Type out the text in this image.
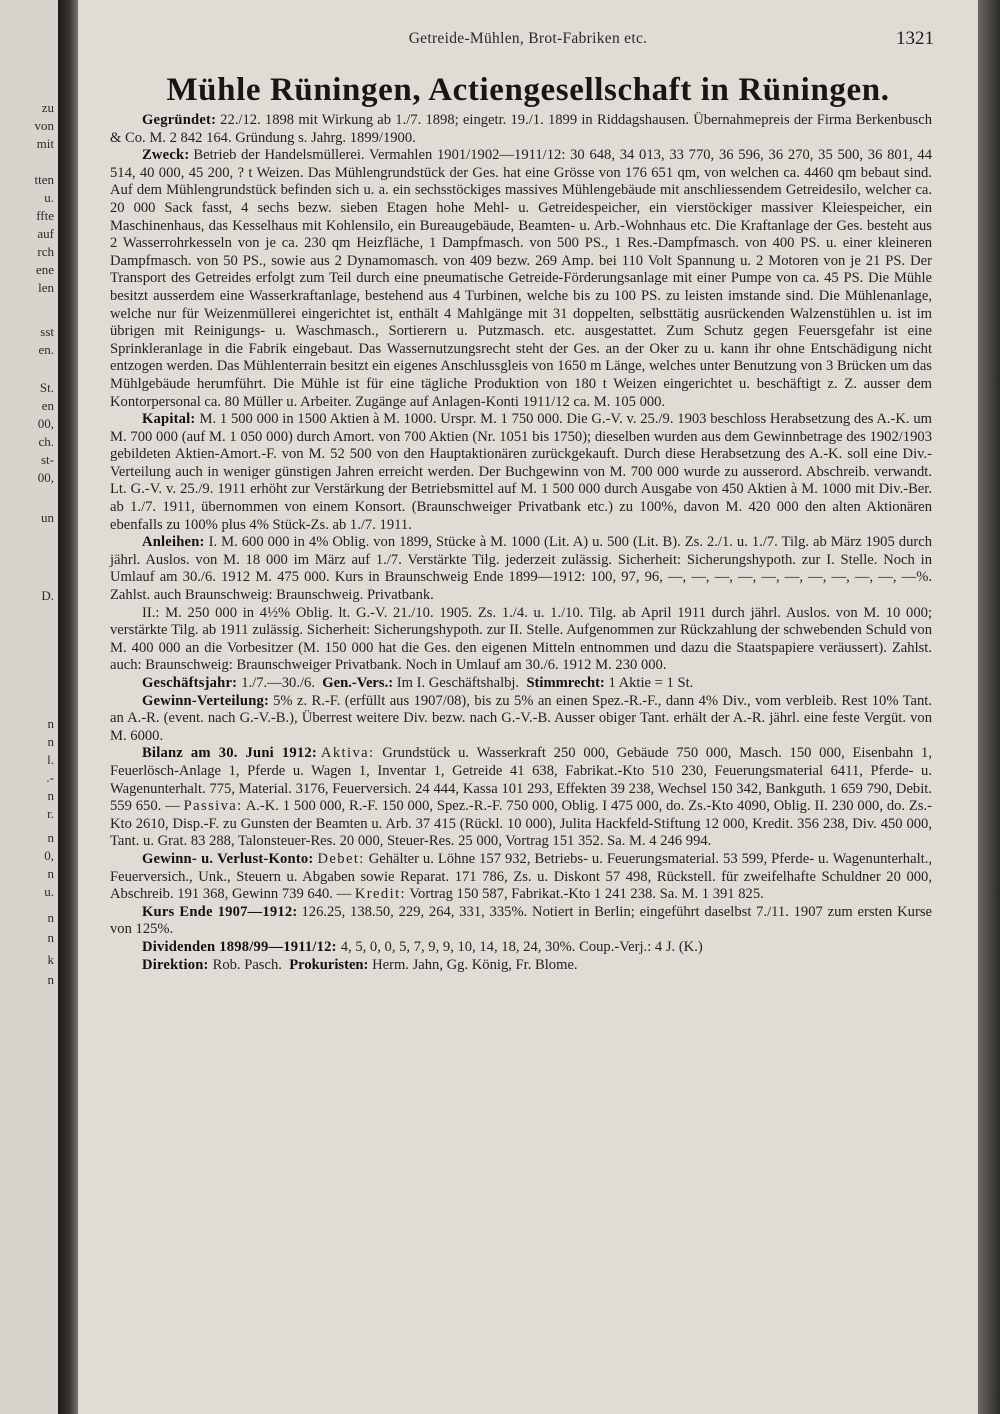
zu
von
mit
tten
u.
ffte
auf
rch
ene
len
sst
en.
St.
en
00,
ch.
st-
00,
un
D.
n
n
l.
.-
n
r.
n
0,
n
u.
n
n
k
n
Getreide-Mühlen, Brot-Fabriken etc.	1321
Mühle Rüningen, Actiengesellschaft in Rüningen.

Gegründet: 22./12. 1898 mit Wirkung ab 1./7. 1898; eingetr. 19./1. 1899 in Riddagshausen. Übernahmepreis der Firma Berkenbusch & Co. M. 2 842 164. Gründung s. Jahrg. 1899/1900.

Zweck: Betrieb der Handelsmüllerei. Vermahlen 1901/1902—1911/12: 30 648, 34 013, 33 770, 36 596, 36 270, 35 500, 36 801, 44 514, 40 000, 45 200, ? t Weizen. Das Mühlengrundstück der Ges. hat eine Grösse von 176 651 qm, von welchen ca. 4460 qm bebaut sind. Auf dem Mühlengrundstück befinden sich u. a. ein sechsstöckiges massives Mühlengebäude mit anschliessendem Getreidesilo, welcher ca. 20 000 Sack fasst, 4 sechs bezw. sieben Etagen hohe Mehl- u. Getreidespeicher, ein vierstöckiger massiver Kleiespeicher, ein Maschinenhaus, das Kesselhaus mit Kohlensilo, ein Bureaugebäude, Beamten- u. Arb.-Wohnhaus etc. Die Kraftanlage der Ges. besteht aus 2 Wasserrohrkesseln von je ca. 230 qm Heizfläche, 1 Dampfmasch. von 500 PS., 1 Res.-Dampfmasch. von 400 PS. u. einer kleineren Dampfmasch. von 50 PS., sowie aus 2 Dynamomasch. von 409 bezw. 269 Amp. bei 110 Volt Spannung u. 2 Motoren von je 21 PS. Der Transport des Getreides erfolgt zum Teil durch eine pneumatische Getreide-Förderungsanlage mit einer Pumpe von ca. 45 PS. Die Mühle besitzt ausserdem eine Wasserkraftanlage, bestehend aus 4 Turbinen, welche bis zu 100 PS. zu leisten imstande sind. Die Mühlenanlage, welche nur für Weizenmüllerei eingerichtet ist, enthält 4 Mahlgänge mit 31 doppelten, selbsttätig ausrückenden Walzenstühlen u. ist im übrigen mit Reinigungs- u. Waschmasch., Sortierern u. Putzmasch. etc. ausgestattet. Zum Schutz gegen Feuersgefahr ist eine Sprinkleranlage in die Fabrik eingebaut. Das Wassernutzungsrecht steht der Ges. an der Oker zu u. kann ihr ohne Entschädigung nicht entzogen werden. Das Mühlenterrain besitzt ein eigenes Anschlussgleis von 1650 m Länge, welches unter Benutzung von 3 Brücken um das Mühlgebäude herumführt. Die Mühle ist für eine tägliche Produktion von 180 t Weizen eingerichtet u. beschäftigt z. Z. ausser dem Kontorpersonal ca. 80 Müller u. Arbeiter. Zugänge auf Anlagen-Konti 1911/12 ca. M. 105 000.

Kapital: M. 1 500 000 in 1500 Aktien à M. 1000. Urspr. M. 1 750 000. Die G.-V. v. 25./9. 1903 beschloss Herabsetzung des A.-K. um M. 700 000 (auf M. 1 050 000) durch Amort. von 700 Aktien (Nr. 1051 bis 1750); dieselben wurden aus dem Gewinnbetrage des 1902/1903 gebildeten Aktien-Amort.-F. von M. 52 500 von den Hauptaktionären zurückgekauft. Durch diese Herabsetzung des A.-K. soll eine Div.-Verteilung auch in weniger günstigen Jahren erreicht werden. Der Buchgewinn von M. 700 000 wurde zu ausserord. Abschreib. verwandt. Lt. G.-V. v. 25./9. 1911 erhöht zur Verstärkung der Betriebsmittel auf M. 1 500 000 durch Ausgabe von 450 Aktien à M. 1000 mit Div.-Ber. ab 1./7. 1911, übernommen von einem Konsort. (Braunschweiger Privatbank etc.) zu 100%, davon M. 420 000 den alten Aktionären ebenfalls zu 100% plus 4% Stück-Zs. ab 1./7. 1911.

Anleihen: I. M. 600 000 in 4% Oblig. von 1899, Stücke à M. 1000 (Lit. A) u. 500 (Lit. B). Zs. 2./1. u. 1./7. Tilg. ab März 1905 durch jährl. Auslos. von M. 18 000 im März auf 1./7. Verstärkte Tilg. jederzeit zulässig. Sicherheit: Sicherungshypoth. zur I. Stelle. Noch in Umlauf am 30./6. 1912 M. 475 000. Kurs in Braunschweig Ende 1899—1912: 100, 97, 96, —, —, —, —, —, —, —, —, —, —, —%. Zahlst. auch Braunschweig: Braunschweig. Privatbank.

II.: M. 250 000 in 4½% Oblig. lt. G.-V. 21./10. 1905. Zs. 1./4. u. 1./10. Tilg. ab April 1911 durch jährl. Auslos. von M. 10 000; verstärkte Tilg. ab 1911 zulässig. Sicherheit: Sicherungshypoth. zur II. Stelle. Aufgenommen zur Rückzahlung der schwebenden Schuld von M. 400 000 an die Vorbesitzer (M. 150 000 hat die Ges. den eigenen Mitteln entnommen und dazu die Staatspapiere veräussert). Zahlst. auch: Braunschweig: Braunschweiger Privatbank. Noch in Umlauf am 30./6. 1912 M. 230 000.

Geschäftsjahr: 1./7.—30./6. Gen.-Vers.: Im I. Geschäftshalbj. Stimmrecht: 1 Aktie = 1 St.

Gewinn-Verteilung: 5% z. R.-F. (erfüllt aus 1907/08), bis zu 5% an einen Spez.-R.-F., dann 4% Div., vom verbleib. Rest 10% Tant. an A.-R. (event. nach G.-V.-B.), Überrest weitere Div. bezw. nach G.-V.-B. Ausser obiger Tant. erhält der A.-R. jährl. eine feste Vergüt. von M. 6000.

Bilanz am 30. Juni 1912: Aktiva: Grundstück u. Wasserkraft 250 000, Gebäude 750 000, Masch. 150 000, Eisenbahn 1, Feuerlösch-Anlage 1, Pferde u. Wagen 1, Inventar 1, Getreide 41 638, Fabrikat.-Kto 510 230, Feuerungsmaterial 6411, Pferde- u. Wagenunterhalt. 775, Material. 3176, Feuerversich. 24 444, Kassa 101 293, Effekten 39 238, Wechsel 150 342, Bankguth. 1 659 790, Debit. 559 650. — Passiva: A.-K. 1 500 000, R.-F. 150 000, Spez.-R.-F. 750 000, Oblig. I 475 000, do. Zs.-Kto 4090, Oblig. II. 230 000, do. Zs.-Kto 2610, Disp.-F. zu Gunsten der Beamten u. Arb. 37 415 (Rückl. 10 000), Julita Hackfeld-Stiftung 12 000, Kredit. 356 238, Div. 450 000, Tant. u. Grat. 83 288, Talonsteuer-Res. 20 000, Steuer-Res. 25 000, Vortrag 151 352. Sa. M. 4 246 994.

Gewinn- u. Verlust-Konto: Debet: Gehälter u. Löhne 157 932, Betriebs- u. Feuerungsmaterial. 53 599, Pferde- u. Wagenunterhalt., Feuerversich., Unk., Steuern u. Abgaben sowie Reparat. 171 786, Zs. u. Diskont 57 498, Rückstell. für zweifelhafte Schuldner 20 000, Abschreib. 191 368, Gewinn 739 640. — Kredit: Vortrag 150 587, Fabrikat.-Kto 1 241 238. Sa. M. 1 391 825.

Kurs Ende 1907—1912: 126.25, 138.50, 229, 264, 331, 335%. Notiert in Berlin; eingeführt daselbst 7./11. 1907 zum ersten Kurse von 125%.

Dividenden 1898/99—1911/12: 4, 5, 0, 0, 5, 7, 9, 9, 10, 14, 18, 24, 30%. Coup.-Verj.: 4 J. (K.)

Direktion: Rob. Pasch. Prokuristen: Herm. Jahn, Gg. König, Fr. Blome.
